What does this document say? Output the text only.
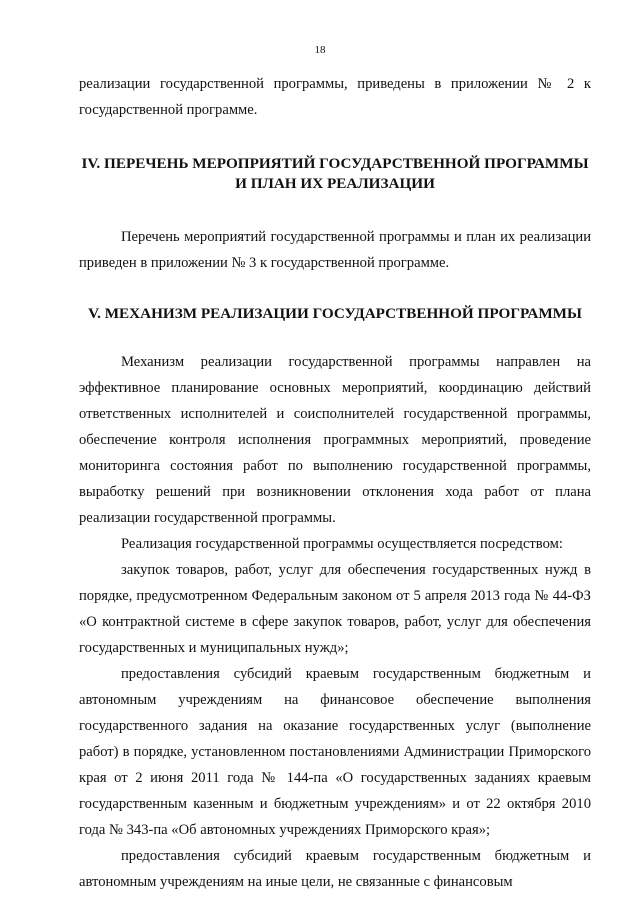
18

реализации государственной программы, приведены в приложении № 2 к государственной программе.

IV. ПЕРЕЧЕНЬ МЕРОПРИЯТИЙ ГОСУДАРСТВЕННОЙ ПРОГРАММЫ
И ПЛАН ИХ РЕАЛИЗАЦИИ

Перечень мероприятий государственной программы и план их реализации приведен в приложении № 3 к государственной программе.

V. МЕХАНИЗМ РЕАЛИЗАЦИИ ГОСУДАРСТВЕННОЙ ПРОГРАММЫ

Механизм реализации государственной программы направлен на эффективное планирование основных мероприятий, координацию действий ответственных исполнителей и соисполнителей государственной программы, обеспечение контроля исполнения программных мероприятий, проведение мониторинга состояния работ по выполнению государственной программы, выработку решений при возникновении отклонения хода работ от плана реализации государственной программы.

Реализация государственной программы осуществляется посредством:

закупок товаров, работ, услуг для обеспечения государственных нужд в порядке, предусмотренном Федеральным законом от 5 апреля 2013 года № 44-ФЗ «О контрактной системе в сфере закупок товаров, работ, услуг для обеспечения государственных и муниципальных нужд»;

предоставления субсидий краевым государственным бюджетным и автономным учреждениям на финансовое обеспечение выполнения государственного задания на оказание государственных услуг (выполнение работ) в порядке, установленном постановлениями Администрации Приморского края от 2 июня 2011 года № 144-па «О государственных заданиях краевым государственным казенным и бюджетным учреждениям» и от 22 октября 2010 года № 343-па «Об автономных учреждениях Приморского края»;

предоставления субсидий краевым государственным бюджетным и автономным учреждениям на иные цели, не связанные с финансовым
